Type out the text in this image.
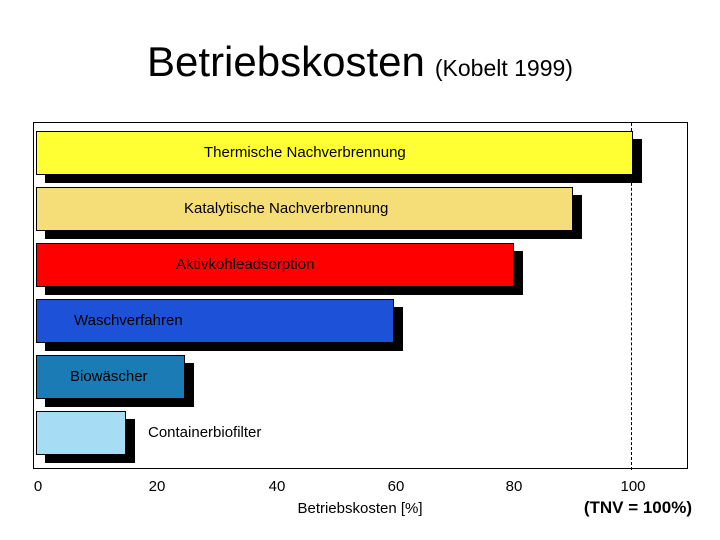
Betriebskosten (Kobelt 1999)
Thermische Nachverbrennung
Katalytische Nachverbrennung
Aktivkohleadsorption
Waschverfahren
Biowäscher
Containerbiofilter
0	20	40	60	80	100
Betriebskosten [%]	(TNV = 100%)
